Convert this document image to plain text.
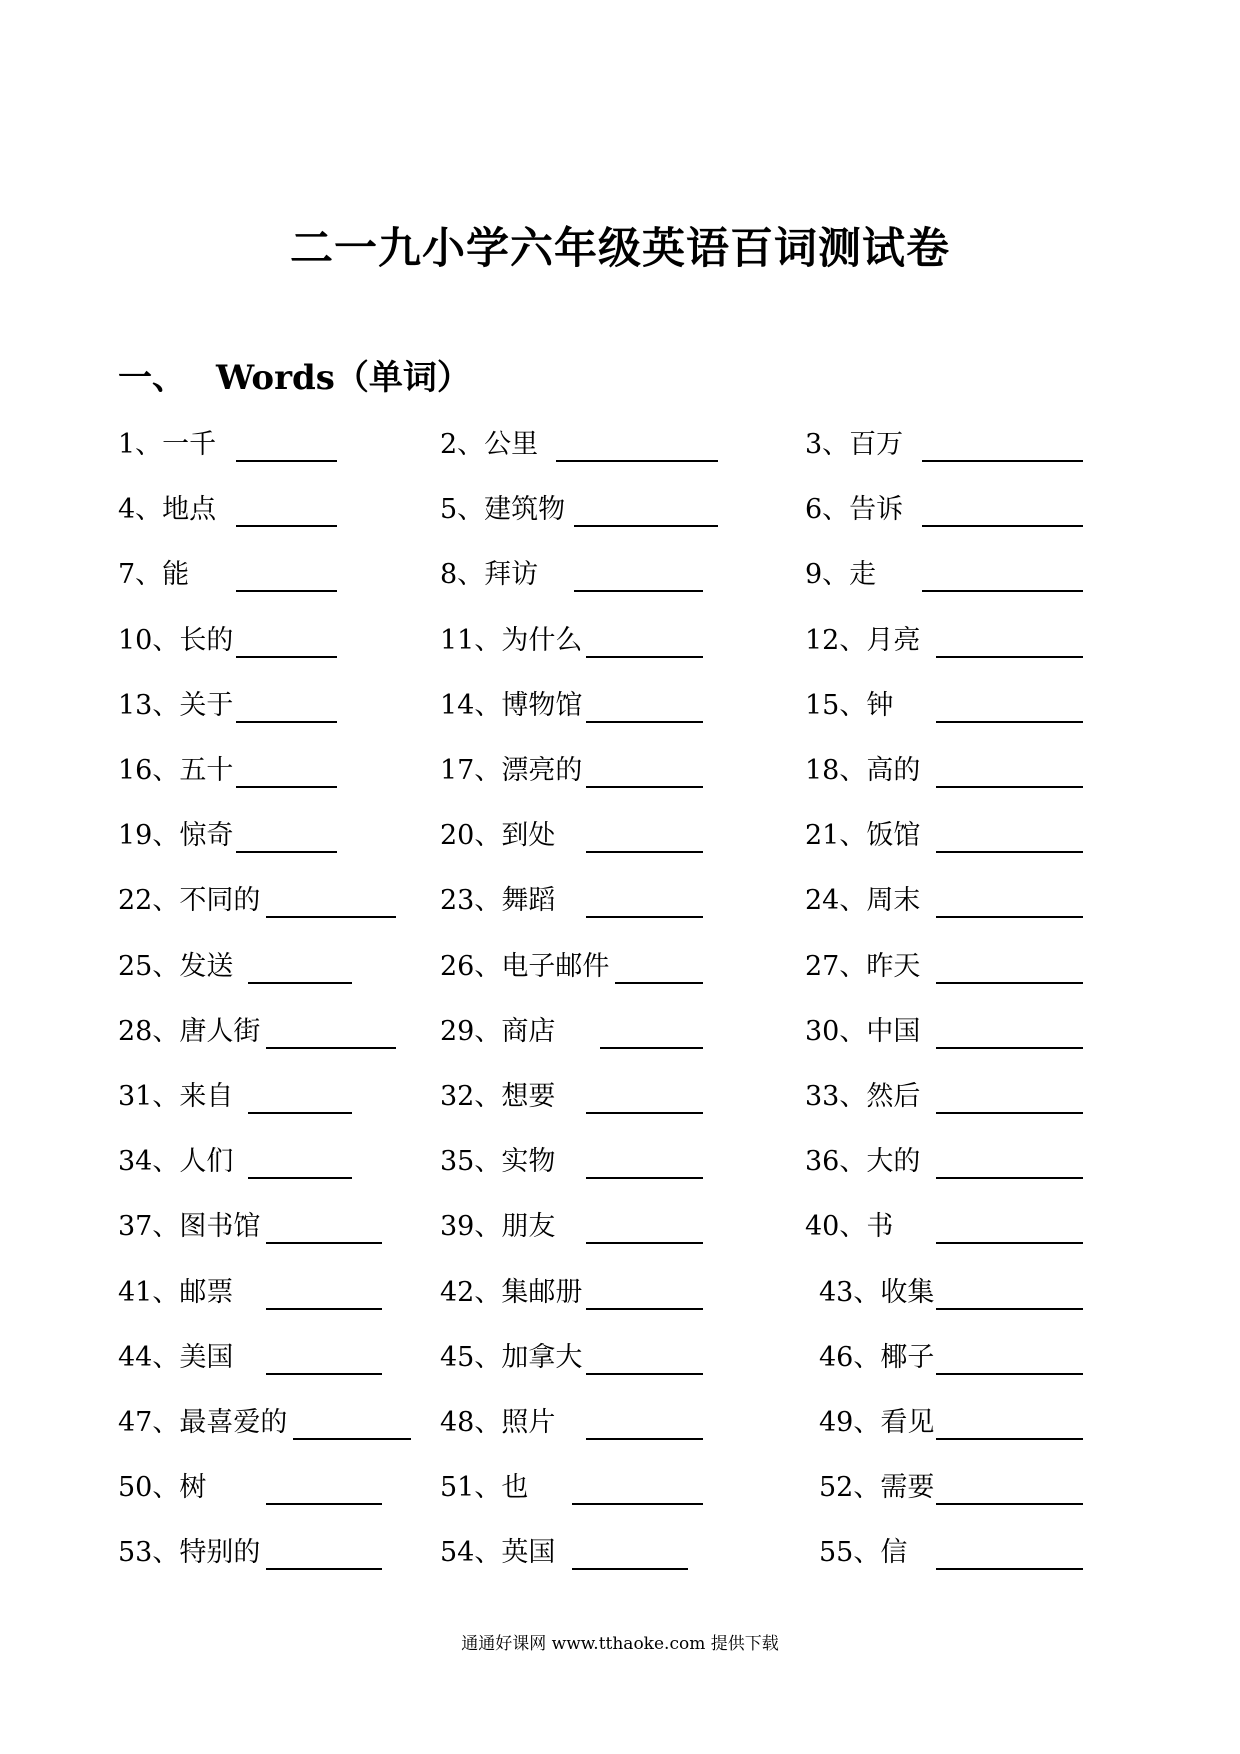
二一九小学六年级英语百词测试卷
一、 Words（单词）
1、一千	2、公里	3、百万
4、地点	5、建筑物	6、告诉
7、能	8、拜访	9、走
10、长的	11、为什么	12、月亮
13、关于	14、博物馆	15、钟
16、五十	17、漂亮的	18、高的
19、惊奇	20、到处	21、饭馆
22、不同的	23、舞蹈	24、周末
25、发送	26、电子邮件	27、昨天
28、唐人街	29、商店	30、中国
31、来自	32、想要	33、然后
34、人们	35、实物	36、大的
37、图书馆	39、朋友	40、书
41、邮票	42、集邮册	43、收集
44、美国	45、加拿大	46、椰子
47、最喜爱的	48、照片	49、看见
50、树	51、也	52、需要
53、特别的	54、英国	55、信
通通好课网 www.tthaoke.com 提供下载
